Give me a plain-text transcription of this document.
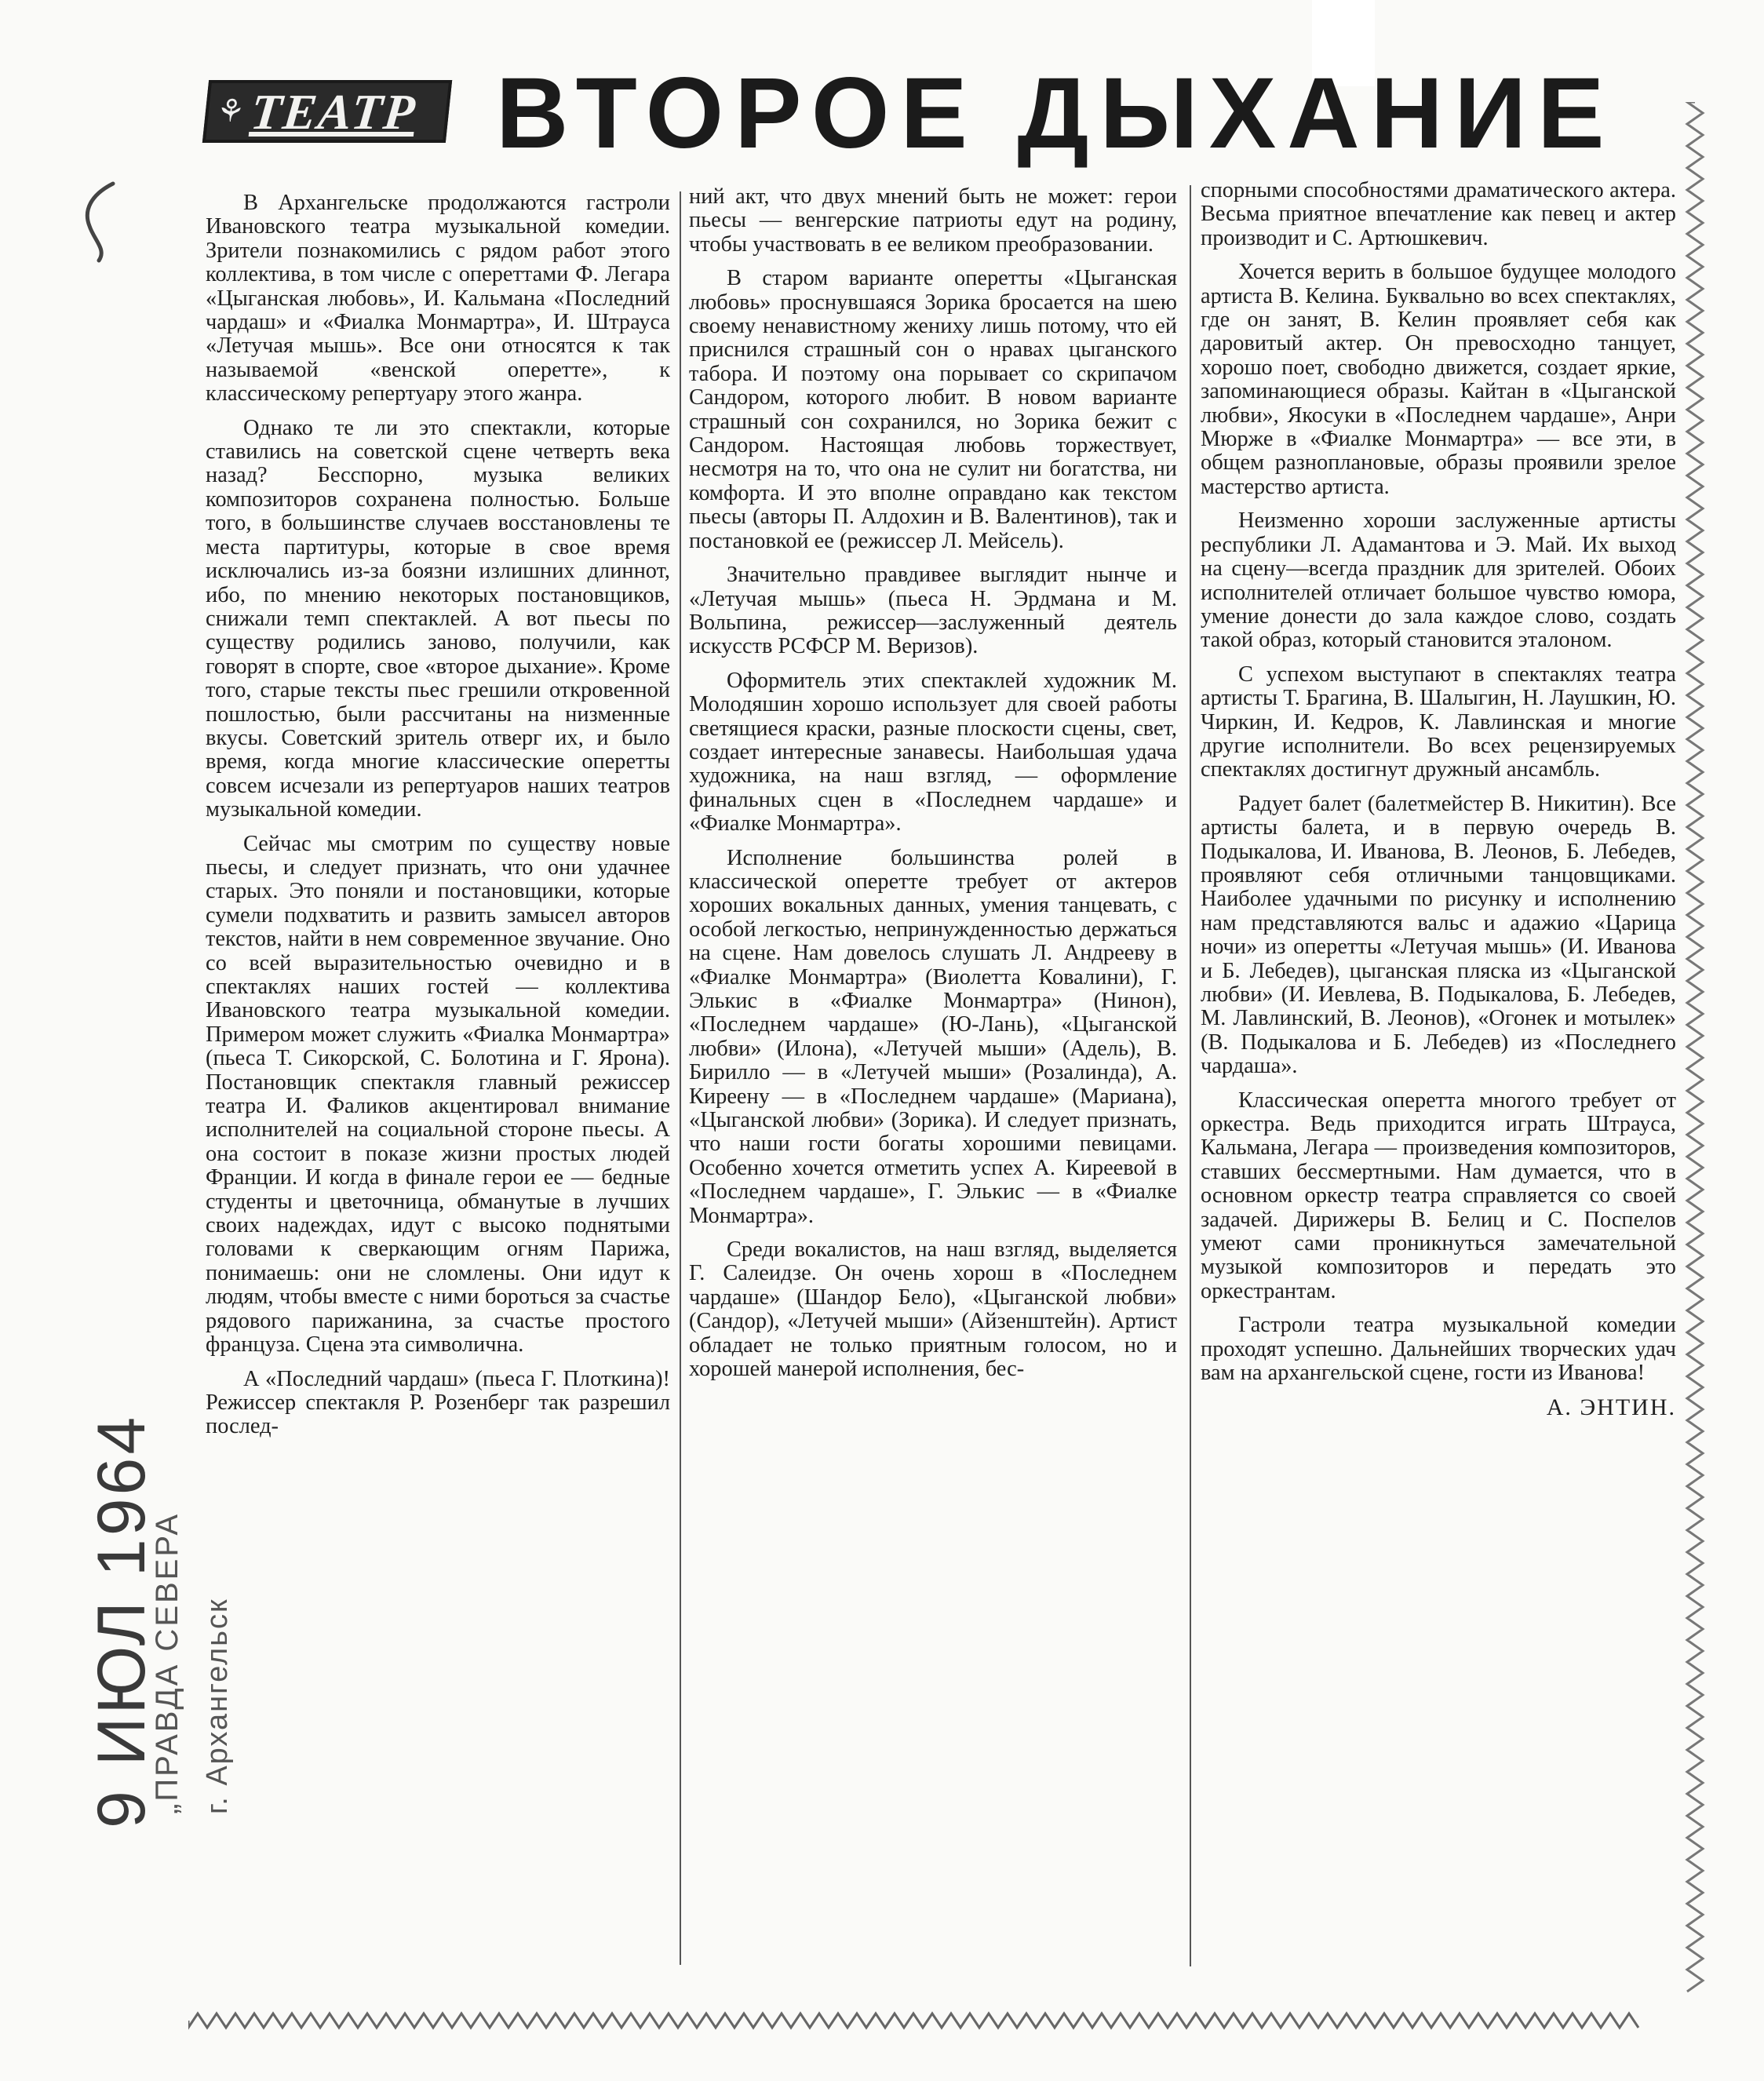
⚘ ТЕАТР ВТОРОЕ ДЫХАНИЕ

В Архангельске продолжаются гастроли Ивановского театра музыкальной комедии. Зрители познакомились с рядом работ этого коллектива, в том числе с опереттами Ф. Легара «Цыганская любовь», И. Кальмана «Последний чардаш» и «Фиалка Монмартра», И. Штрауса «Летучая мышь». Все они относятся к так называемой «венской оперетте», к классическому репертуару этого жанра.

Однако те ли это спектакли, которые ставились на советской сцене четверть века назад? Бесспорно, музыка великих композиторов сохранена полностью. Больше того, в большинстве случаев восстановлены те места партитуры, которые в свое время исключались из-за боязни излишних длиннот, ибо, по мнению некоторых постановщиков, снижали темп спектаклей. А вот пьесы по существу родились заново, получили, как говорят в спорте, свое «второе дыхание». Кроме того, старые тексты пьес грешили откровенной пошлостью, были рассчитаны на низменные вкусы. Советский зритель отверг их, и было время, когда многие классические оперетты совсем исчезали из репертуаров наших театров музыкальной комедии.

Сейчас мы смотрим по существу новые пьесы, и следует признать, что они удачнее старых. Это поняли и постановщики, которые сумели подхватить и развить замысел авторов текстов, найти в нем современное звучание. Оно со всей выразительностью очевидно и в спектаклях наших гостей — коллектива Ивановского театра музыкальной комедии. Примером может служить «Фиалка Монмартра» (пьеса Т. Сикорской, С. Болотина и Г. Ярона). Постановщик спектакля главный режиссер театра И. Фаликов акцентировал внимание исполнителей на социальной стороне пьесы. А она состоит в показе жизни простых людей Франции. И когда в финале герои ее — бедные студенты и цветочница, обманутые в лучших своих надеждах, идут с высоко поднятыми головами к сверкающим огням Парижа, понимаешь: они не сломлены. Они идут к людям, чтобы вместе с ними бороться за счастье рядового парижанина, за счастье простого француза. Сцена эта символична.

А «Последний чардаш» (пьеса Г. Плоткина)! Режиссер спектакля Р. Розенберг так разрешил послед-

ний акт, что двух мнений быть не может: герои пьесы — венгерские патриоты едут на родину, чтобы участвовать в ее великом преобразовании.

В старом варианте оперетты «Цыганская любовь» проснувшаяся Зорика бросается на шею своему ненавистному жениху лишь потому, что ей приснился страшный сон о нравах цыганского табора. И поэтому она порывает со скрипачом Сандором, которого любит. В новом варианте страшный сон сохранился, но Зорика бежит с Сандором. Настоящая любовь торжествует, несмотря на то, что она не сулит ни богатства, ни комфорта. И это вполне оправдано как текстом пьесы (авторы П. Алдохин и В. Валентинов), так и постановкой ее (режиссер Л. Мейсель).

Значительно правдивее выглядит нынче и «Летучая мышь» (пьеса Н. Эрдмана и М. Вольпина, режиссер—заслуженный деятель искусств РСФСР М. Веризов).

Оформитель этих спектаклей художник М. Молодяшин хорошо использует для своей работы светящиеся краски, разные плоскости сцены, свет, создает интересные занавесы. Наибольшая удача художника, на наш взгляд, — оформление финальных сцен в «Последнем чардаше» и «Фиалке Монмартра».

Исполнение большинства ролей в классической оперетте требует от актеров хороших вокальных данных, умения танцевать, с особой легкостью, непринужденностью держаться на сцене. Нам довелось слушать Л. Андрееву в «Фиалке Монмартра» (Виолетта Ковалини), Г. Элькис в «Фиалке Монмартра» (Нинон), «Последнем чардаше» (Ю-Лань), «Цыганской любви» (Илона), «Летучей мыши» (Адель), В. Бирилло — в «Летучей мыши» (Розалинда), А. Киреену — в «Последнем чардаше» (Мариана), «Цыганской любви» (Зорика). И следует признать, что наши гости богаты хорошими певицами. Особенно хочется отметить успех А. Киреевой в «Последнем чардаше», Г. Элькис — в «Фиалке Монмартра».

Среди вокалистов, на наш взгляд, выделяется Г. Салеидзе. Он очень хорош в «Последнем чардаше» (Шандор Бело), «Цыганской любви» (Сандор), «Летучей мыши» (Айзенштейн). Артист обладает не только приятным голосом, но и хорошей манерой исполнения, бес-

спорными способностями драматического актера. Весьма приятное впечатление как певец и актер производит и С. Артюшкевич.

Хочется верить в большое будущее молодого артиста В. Келина. Буквально во всех спектаклях, где он занят, В. Келин проявляет себя как даровитый актер. Он превосходно танцует, хорошо поет, свободно движется, создает яркие, запоминающиеся образы. Кайтан в «Цыганской любви», Якосуки в «Последнем чардаше», Анри Мюрже в «Фиалке Монмартра» — все эти, в общем разноплановые, образы проявили зрелое мастерство артиста.

Неизменно хороши заслуженные артисты республики Л. Адамантова и Э. Май. Их выход на сцену—всегда праздник для зрителей. Обоих исполнителей отличает большое чувство юмора, умение донести до зала каждое слово, создать такой образ, который становится эталоном.

С успехом выступают в спектаклях театра артисты Т. Брагина, В. Шалыгин, Н. Лаушкин, Ю. Чиркин, И. Кедров, К. Лавлинская и многие другие исполнители. Во всех рецензируемых спектаклях достигнут дружный ансамбль.

Радует балет (балетмейстер В. Никитин). Все артисты балета, и в первую очередь В. Подыкалова, И. Иванова, В. Леонов, Б. Лебедев, проявляют себя отличными танцовщиками. Наиболее удачными по рисунку и исполнению нам представляются вальс и адажио «Царица ночи» из оперетты «Летучая мышь» (И. Иванова и Б. Лебедев), цыганская пляска из «Цыганской любви» (И. Иевлева, В. Подыкалова, Б. Лебедев, М. Лавлинский, В. Леонов), «Огонек и мотылек» (В. Подыкалова и Б. Лебедев) из «Последнего чардаша».

Классическая оперетта многого требует от оркестра. Ведь приходится играть Штрауса, Кальмана, Легара — произведения композиторов, ставших бессмертными. Нам думается, что в основном оркестр театра справляется со своей задачей. Дирижеры В. Белиц и С. Поспелов умеют сами проникнуться замечательной музыкой композиторов и передать это оркестрантам.

Гастроли театра музыкальной комедии проходят успешно. Дальнейших творческих удач вам на архангельской сцене, гости из Иванова!

А. ЭНТИН.

9 ИЮЛ 1964
„ПРАВДА СЕВЕРА г. Архангельск
